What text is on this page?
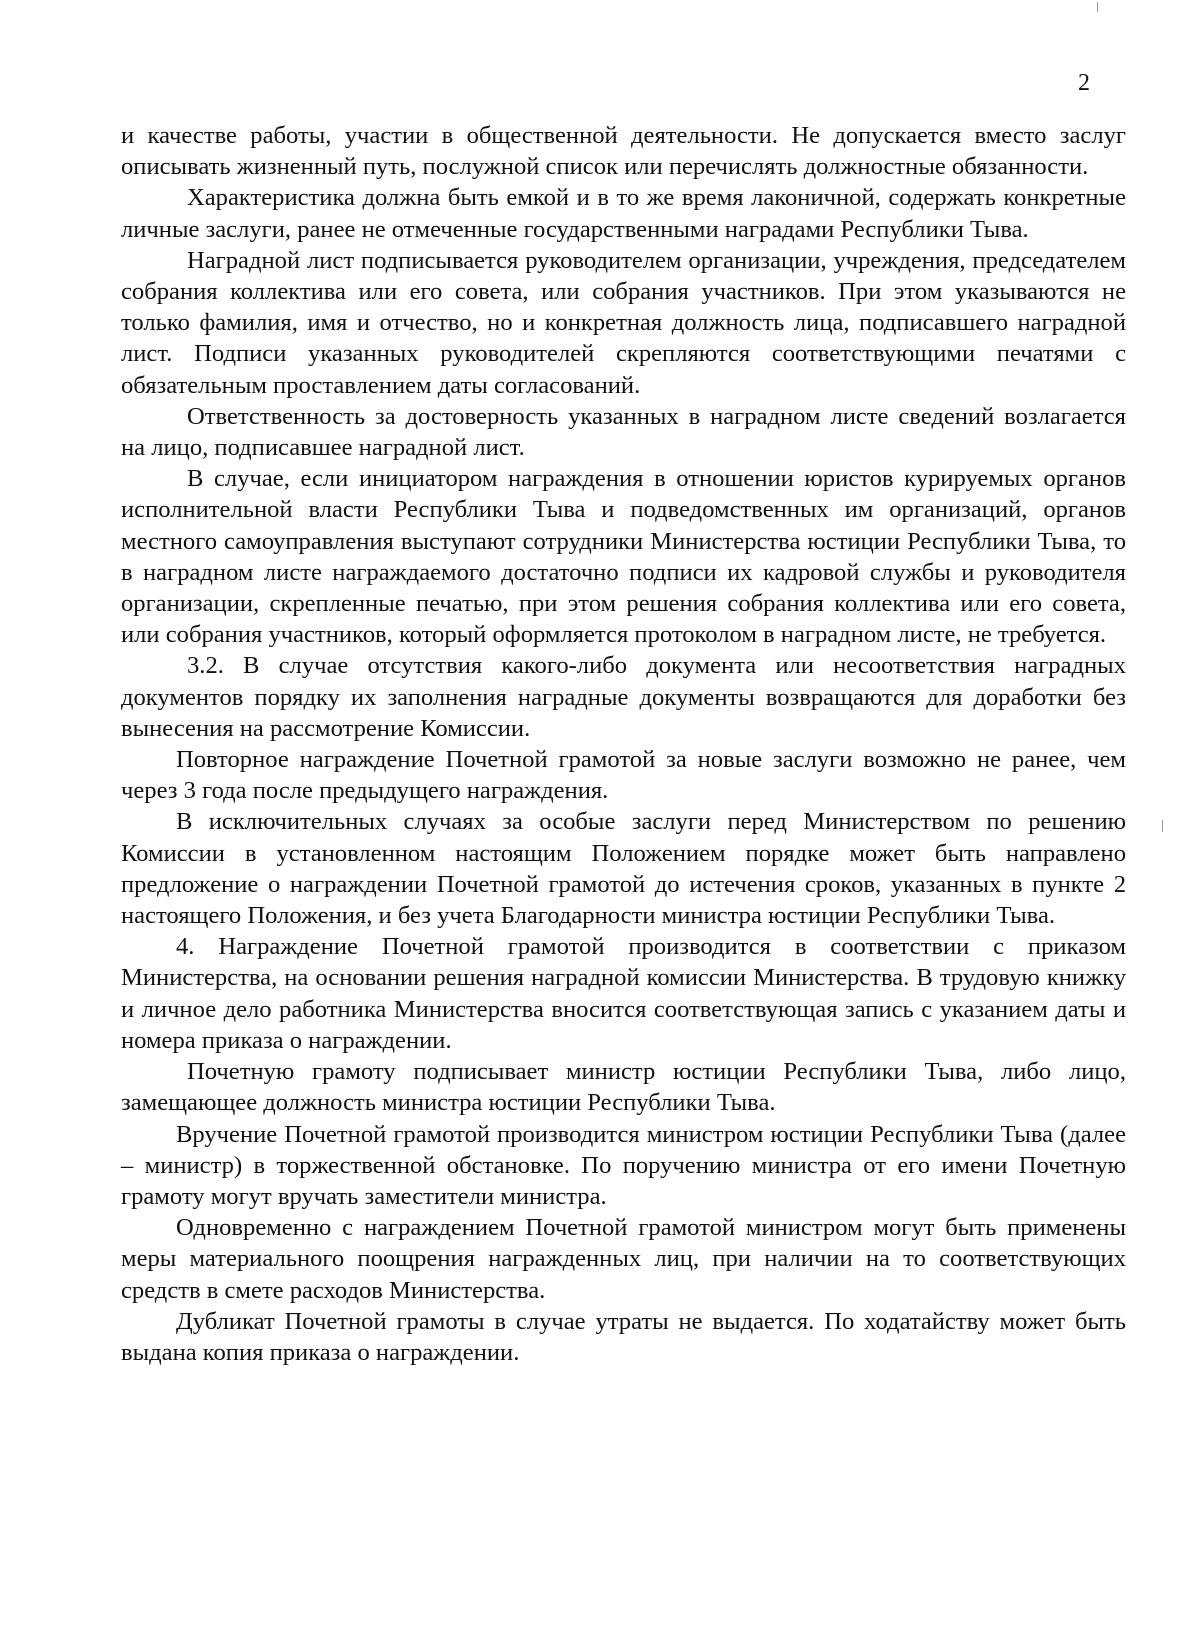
2

и качестве работы, участии в общественной деятельности. Не допускается вместо заслуг описывать жизненный путь, послужной список или перечислять должностные обязанности.

Характеристика должна быть емкой и в то же время лаконичной, содержать конкретные личные заслуги, ранее не отмеченные государственными наградами Республики Тыва.

Наградной лист подписывается руководителем организации, учреждения, председателем собрания коллектива или его совета, или собрания участников. При этом указываются не только фамилия, имя и отчество, но и конкретная должность лица, подписавшего наградной лист. Подписи указанных руководителей скрепляются соответствующими печатями с обязательным проставлением даты согласований.

Ответственность за достоверность указанных в наградном листе сведений возлагается на лицо, подписавшее наградной лист.

В случае, если инициатором награждения в отношении юристов курируемых органов исполнительной власти Республики Тыва и подведомственных им организаций, органов местного самоуправления выступают сотрудники Министерства юстиции Республики Тыва, то в наградном листе награждаемого достаточно подписи их кадровой службы и руководителя организации, скрепленные печатью, при этом решения собрания коллектива или его совета, или собрания участников, который оформляется протоколом в наградном листе, не требуется.

3.2. В случае отсутствия какого-либо документа или несоответствия наградных документов порядку их заполнения наградные документы возвращаются для доработки без вынесения на рассмотрение Комиссии.

Повторное награждение Почетной грамотой за новые заслуги возможно не ранее, чем через 3 года после предыдущего награждения.

В исключительных случаях за особые заслуги перед Министерством по решению Комиссии в установленном настоящим Положением порядке может быть направлено предложение о награждении Почетной грамотой до истечения сроков, указанных в пункте 2 настоящего Положения, и без учета Благодарности министра юстиции Республики Тыва.

4. Награждение Почетной грамотой производится в соответствии с приказом Министерства, на основании решения наградной комиссии Министерства. В трудовую книжку и личное дело работника Министерства вносится соответствующая запись с указанием даты и номера приказа о награждении.

Почетную грамоту подписывает министр юстиции Республики Тыва, либо лицо, замещающее должность министра юстиции Республики Тыва.

Вручение Почетной грамотой производится министром юстиции Республики Тыва (далее – министр) в торжественной обстановке. По поручению министра от его имени Почетную грамоту могут вручать заместители министра.

Одновременно с награждением Почетной грамотой министром могут быть применены меры материального поощрения награжденных лиц, при наличии на то соответствующих средств в смете расходов Министерства.

Дубликат Почетной грамоты в случае утраты не выдается. По ходатайству может быть выдана копия приказа о награждении.
